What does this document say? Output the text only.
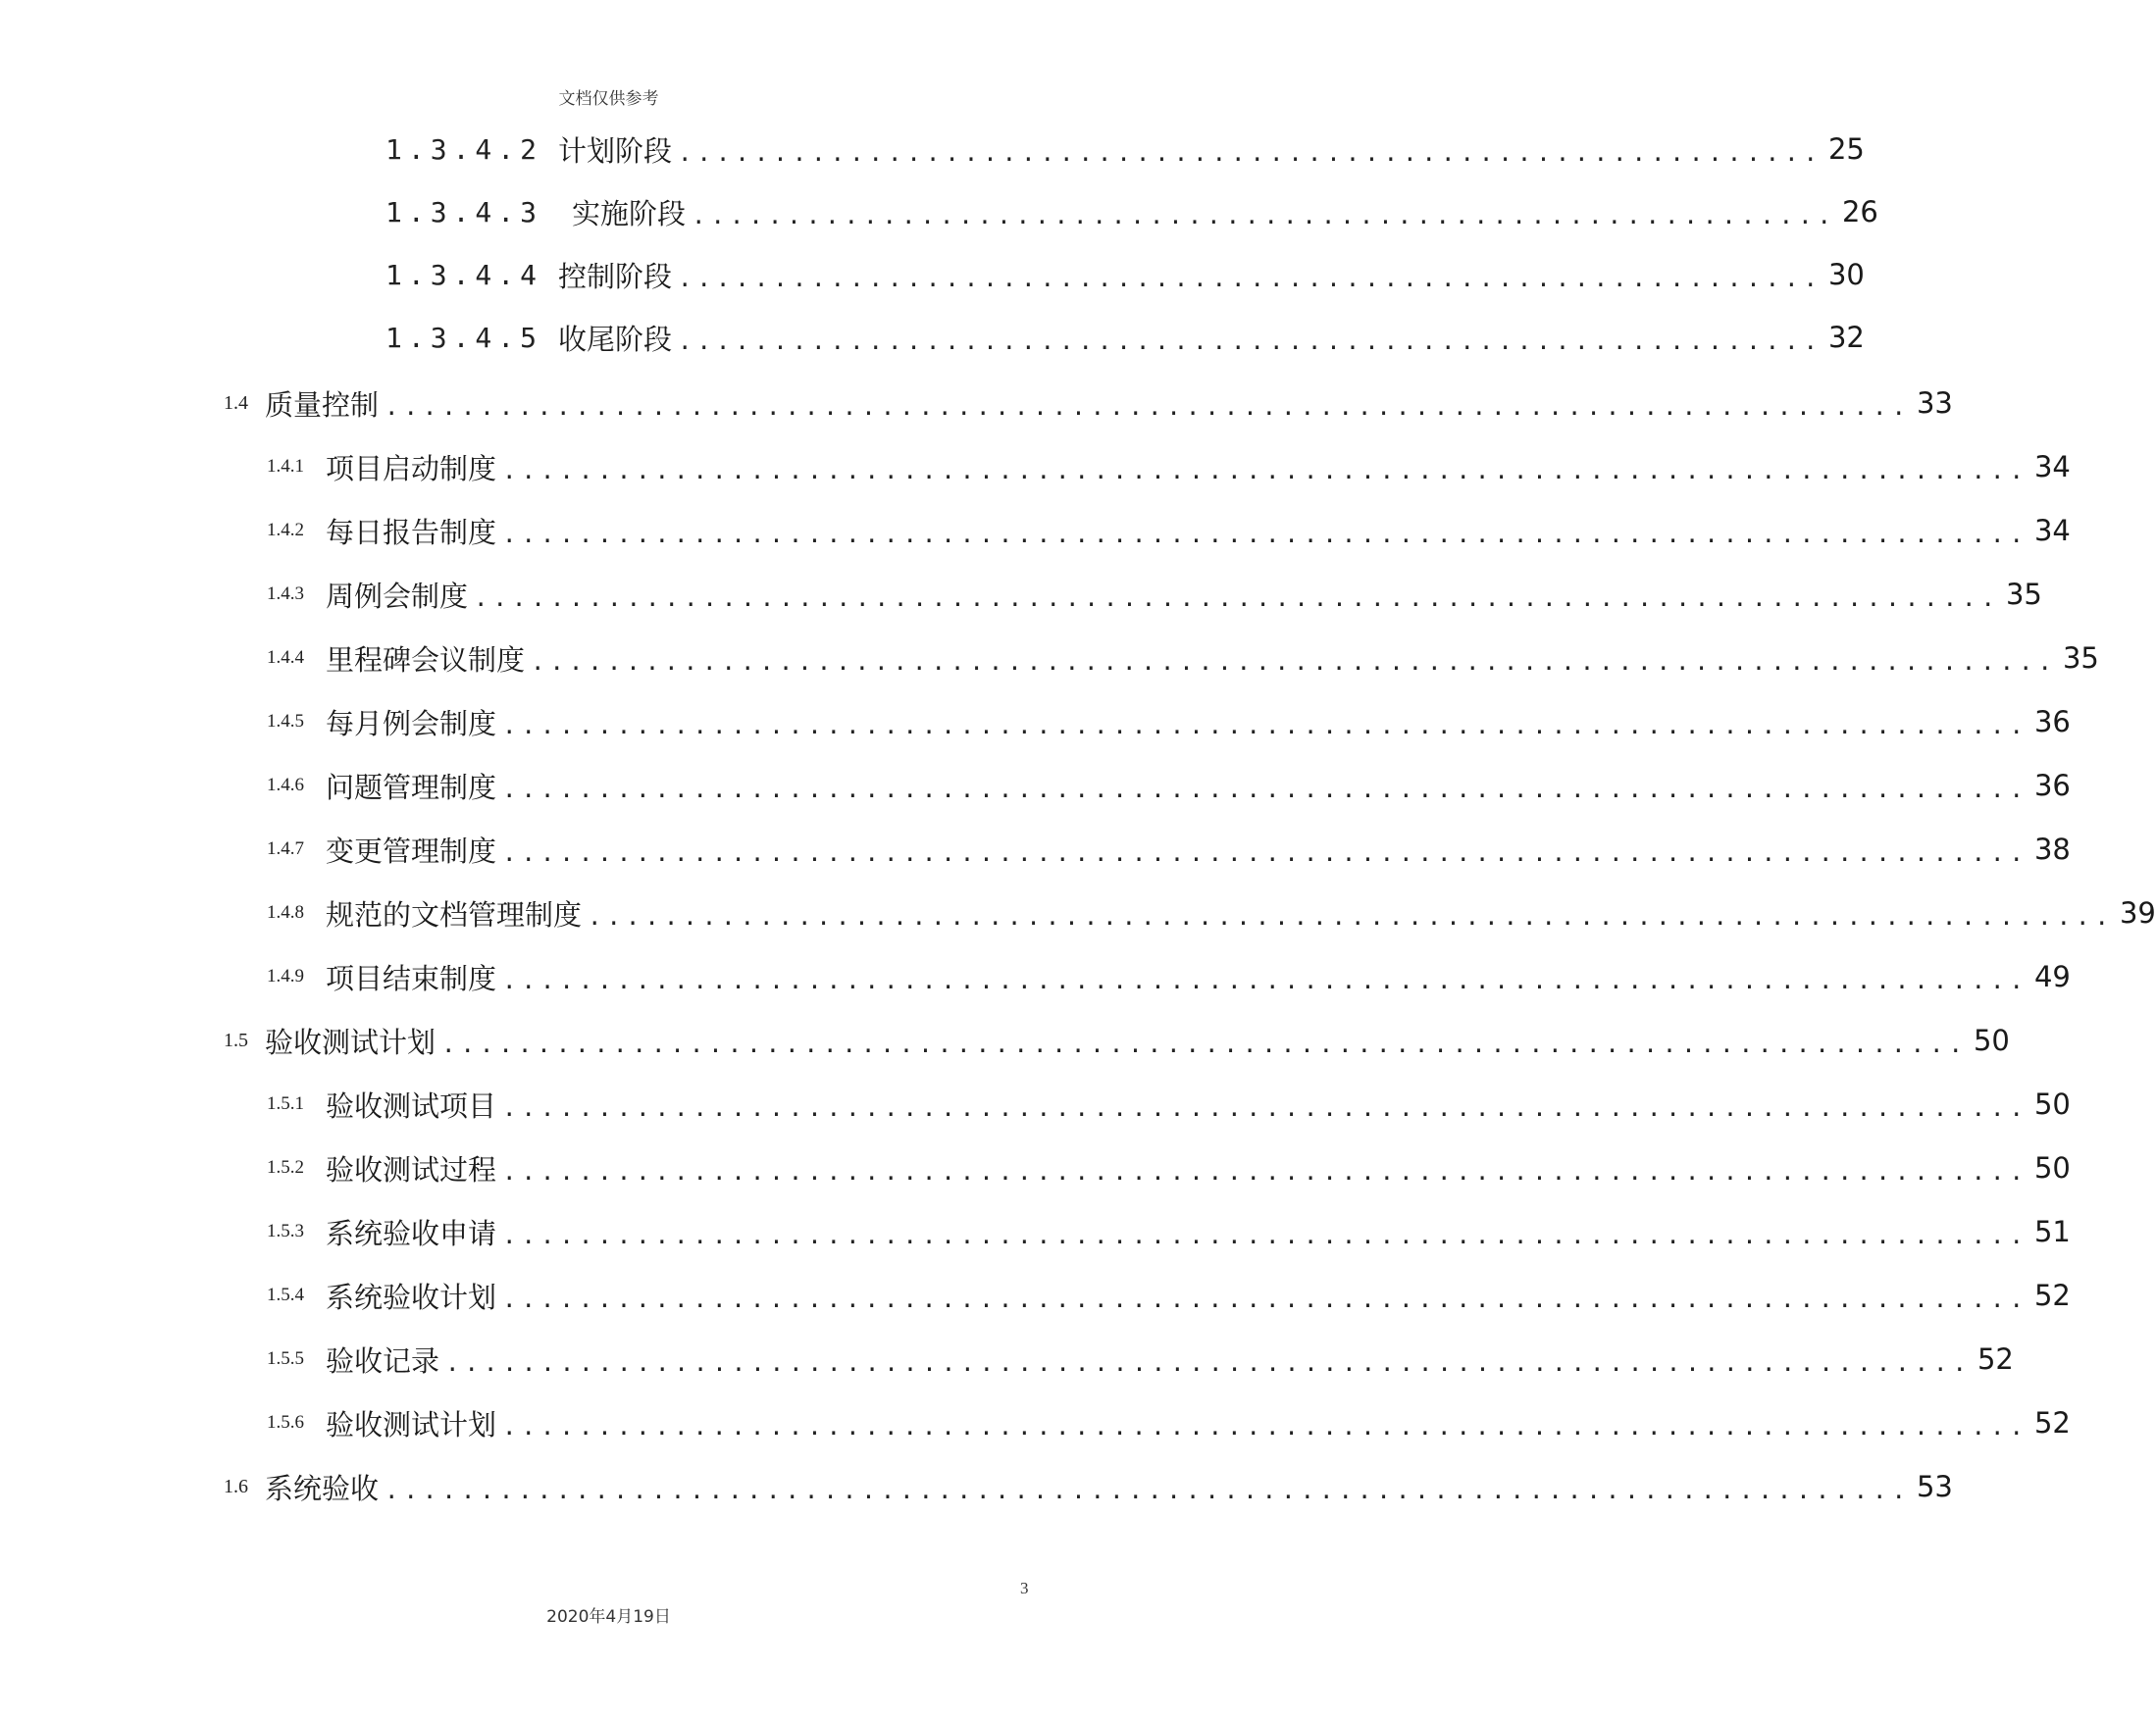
文档仅供参考
1.3.4.2 计划阶段 ............................................................ 25
1.3.4.3 实施阶段 ............................................................ 26
1.3.4.4 控制阶段 ............................................................ 30
1.3.4.5 收尾阶段 ............................................................ 32
1.4 质量控制 ................................................................................ 33
1.4.1 项目启动制度 ................................................................................ 34
1.4.2 每日报告制度 ................................................................................ 34
1.4.3 周例会制度 ................................................................................ 35
1.4.4 里程碑会议制度 ................................................................................ 35
1.4.5 每月例会制度 ................................................................................ 36
1.4.6 问题管理制度 ................................................................................ 36
1.4.7 变更管理制度 ................................................................................ 38
1.4.8 规范的文档管理制度 ................................................................................ 39
1.4.9 项目结束制度 ................................................................................ 49
1.5 验收测试计划 ................................................................................ 50
1.5.1 验收测试项目 ................................................................................ 50
1.5.2 验收测试过程 ................................................................................ 50
1.5.3 系统验收申请 ................................................................................ 51
1.5.4 系统验收计划 ................................................................................ 52
1.5.5 验收记录 ................................................................................ 52
1.5.6 验收测试计划 ................................................................................ 52
1.6 系统验收 ................................................................................ 53
3
2020年4月19日
